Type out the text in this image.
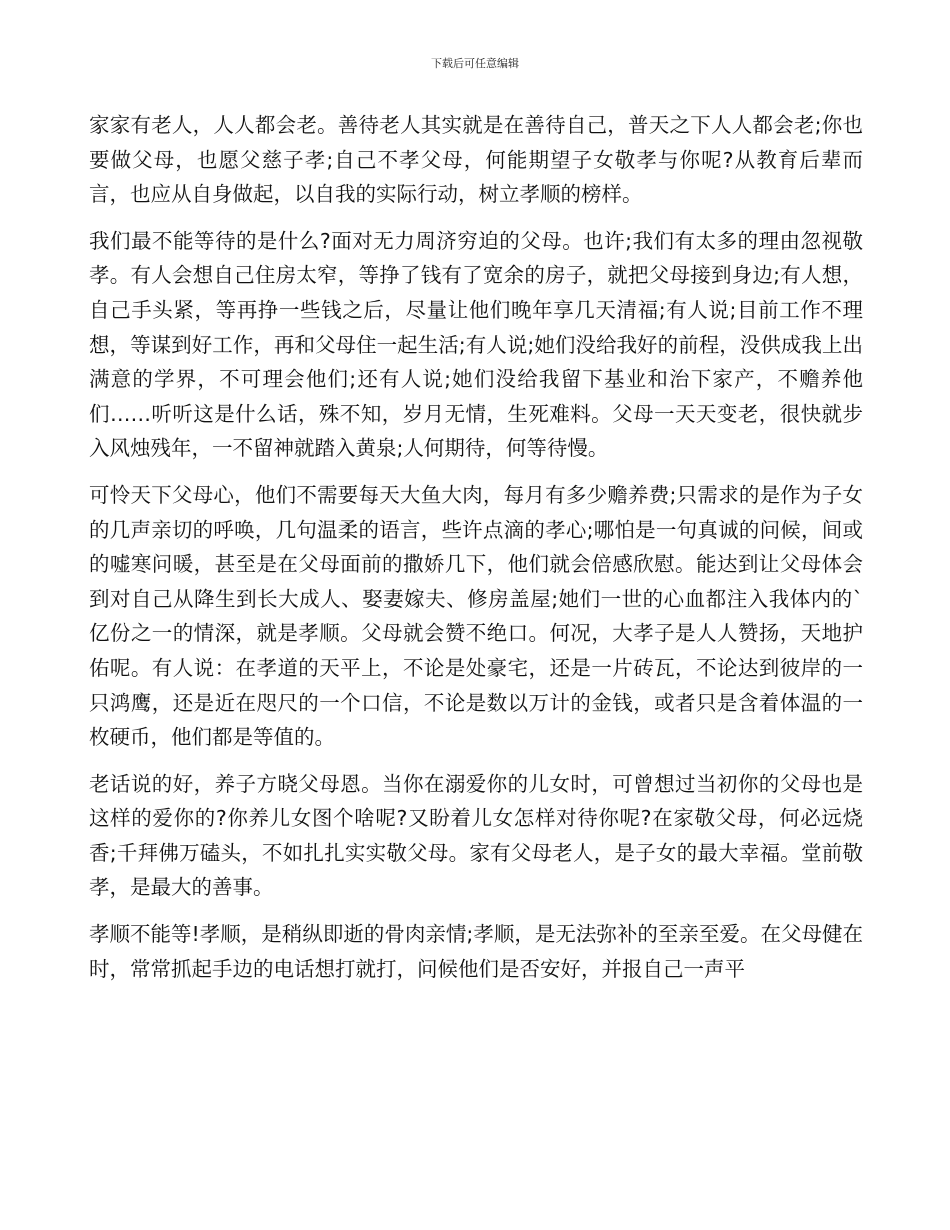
下载后可任意编辑

家家有老人，人人都会老。善待老人其实就是在善待自己，普天之下人人都会老;你也要做父母，也愿父慈子孝;自己不孝父母，何能期望子女敬孝与你呢?从教育后辈而言，也应从自身做起，以自我的实际行动，树立孝顺的榜样。

我们最不能等待的是什么?面对无力周济穷迫的父母。也许;我们有太多的理由忽视敬孝。有人会想自己住房太窄，等挣了钱有了宽余的房子，就把父母接到身边;有人想，自己手头紧，等再挣一些钱之后，尽量让他们晚年享几天清福;有人说;目前工作不理想，等谋到好工作，再和父母住一起生活;有人说;她们没给我好的前程，没供成我上出满意的学界，不可理会他们;还有人说;她们没给我留下基业和治下家产，不赡养他们……听听这是什么话，殊不知，岁月无情，生死难料。父母一天天变老，很快就步入风烛残年，一不留神就踏入黄泉;人何期待，何等待慢。

可怜天下父母心，他们不需要每天大鱼大肉，每月有多少赡养费;只需求的是作为子女的几声亲切的呼唤，几句温柔的语言，些许点滴的孝心;哪怕是一句真诚的问候，间或的嘘寒问暖，甚至是在父母面前的撒娇几下，他们就会倍感欣慰。能达到让父母体会到对自己从降生到长大成人、娶妻嫁夫、修房盖屋;她们一世的心血都注入我体内的`亿份之一的情深，就是孝顺。父母就会赞不绝口。何况，大孝子是人人赞扬，天地护佑呢。有人说：在孝道的天平上，不论是处豪宅，还是一片砖瓦，不论达到彼岸的一只鸿鹰，还是近在咫尺的一个口信，不论是数以万计的金钱，或者只是含着体温的一枚硬币，他们都是等值的。

老话说的好，养子方晓父母恩。当你在溺爱你的儿女时，可曾想过当初你的父母也是这样的爱你的?你养儿女图个啥呢?又盼着儿女怎样对待你呢?在家敬父母，何必远烧香;千拜佛万磕头，不如扎扎实实敬父母。家有父母老人，是子女的最大幸福。堂前敬孝，是最大的善事。

孝顺不能等!孝顺，是稍纵即逝的骨肉亲情;孝顺，是无法弥补的至亲至爱。在父母健在时，常常抓起手边的电话想打就打，问候他们是否安好，并报自己一声平
